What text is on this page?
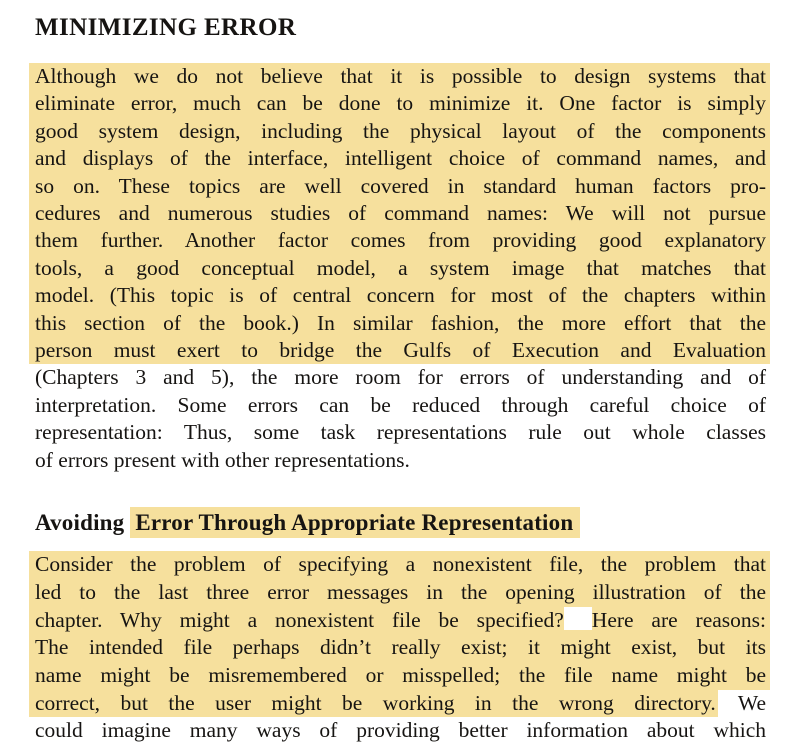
MINIMIZING ERROR
Although we do not believe that it is possible to design systems that
eliminate error, much can be done to minimize it. One factor is simply
good system design, including the physical layout of the components
and displays of the interface, intelligent choice of command names, and
so on. These topics are well covered in standard human factors pro-
cedures and numerous studies of command names: We will not pursue
them further. Another factor comes from providing good explanatory
tools, a good conceptual model, a system image that matches that
model. (This topic is of central concern for most of the chapters within
this section of the book.) In similar fashion, the more effort that the
person must exert to bridge the Gulfs of Execution and Evaluation
(Chapters 3 and 5), the more room for errors of understanding and of
interpretation. Some errors can be reduced through careful choice of
representation: Thus, some task representations rule out whole classes
of errors present with other representations.
Avoiding Error Through Appropriate Representation
Consider the problem of specifying a nonexistent file, the problem that
led to the last three error messages in the opening illustration of the
chapter. Why might a nonexistent file be specified? Here are reasons:
The intended file perhaps didn’t really exist; it might exist, but its
name might be misremembered or misspelled; the file name might be
correct, but the user might be working in the wrong directory. We
could imagine many ways of providing better information about which
